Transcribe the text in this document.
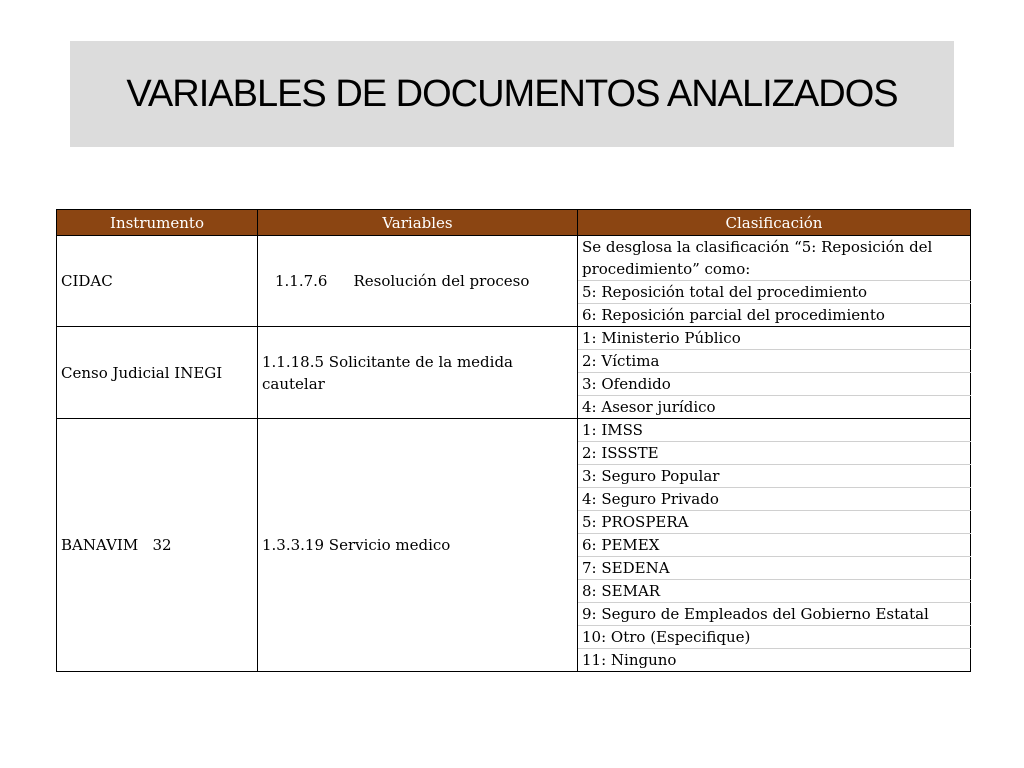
VARIABLES DE DOCUMENTOS ANALIZADOS
Instrumento	Variables	Clasificación
CIDAC	1.1.7.6 Resolución del proceso	Se desglosa la clasificación “5: Reposición del procedimiento” como:
		5: Reposición total del procedimiento
		6: Reposición parcial del procedimiento
Censo Judicial INEGI	1.1.18.5 Solicitante de la medida cautelar	1: Ministerio Público
		2: Víctima
		3: Ofendido
		4: Asesor jurídico
BANAVIM   32	1.3.3.19 Servicio medico	1: IMSS
		2: ISSSTE
		3: Seguro Popular
		4: Seguro Privado
		5: PROSPERA
		6: PEMEX
		7: SEDENA
		8: SEMAR
		9: Seguro de Empleados del Gobierno Estatal
		10: Otro (Especifique)
		11: Ninguno
